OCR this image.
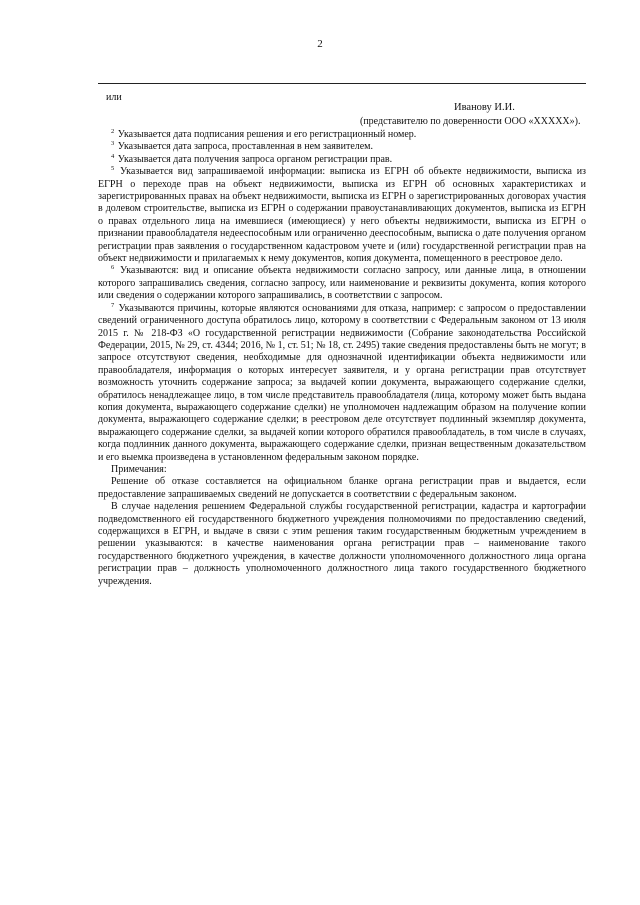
2
или
Иванову И.И.
(представителю по доверенности ООО «XXXXX»).

$^2$ Указывается дата подписания решения и его регистрационный номер.

$^3$ Указывается дата запроса, проставленная в нем заявителем.

$^4$ Указывается дата получения запроса органом регистрации прав.

$^5$ Указывается вид запрашиваемой информации: выписка из ЕГРН об объекте недвижимости, выписка из ЕГРН о переходе прав на объект недвижимости, выписка из ЕГРН об основных характеристиках и зарегистрированных правах на объект недвижимости, выписка из ЕГРН о зарегистрированных договорах участия в долевом строительстве, выписка из ЕГРН о содержании правоустанавливающих документов, выписка из ЕГРН о правах отдельного лица на имевшиеся (имеющиеся) у него объекты недвижимости, выписка из ЕГРН о признании правообладателя недееспособным или ограниченно дееспособным, выписка о дате получения органом регистрации прав заявления о государственном кадастровом учете и (или) государственной регистрации прав на объект недвижимости и прилагаемых к нему документов, копия документа, помещенного в реестровое дело.

$^6$ Указываются: вид и описание объекта недвижимости согласно запросу, или данные лица, в отношении которого запрашивались сведения, согласно запросу, или наименование и реквизиты документа, копия которого или сведения о содержании которого запрашивались, в соответствии с запросом.

$^7$ Указываются причины, которые являются основаниями для отказа, например: с запросом о предоставлении сведений ограниченного доступа обратилось лицо, которому в соответствии с Федеральным законом от 13 июля 2015 г. № 218-ФЗ «О государственной регистрации недвижимости (Собрание законодательства Российской Федерации, 2015, № 29, ст. 4344; 2016, № 1, ст. 51; № 18, ст. 2495) такие сведения предоставлены быть не могут; в запросе отсутствуют сведения, необходимые для однозначной идентификации объекта недвижимости или правообладателя, информация о которых интересует заявителя, и у органа регистрации прав отсутствует возможность уточнить содержание запроса; за выдачей копии документа, выражающего содержание сделки, обратилось ненадлежащее лицо, в том числе представитель правообладателя (лица, которому может быть выдана копия документа, выражающего содержание сделки) не уполномочен надлежащим образом на получение копии документа, выражающего содержание сделки; в реестровом деле отсутствует подлинный экземпляр документа, выражающего содержание сделки, за выдачей копии которого обратился правообладатель, в том числе в случаях, когда подлинник данного документа, выражающего содержание сделки, признан вещественным доказательством и его выемка произведена в установленном федеральным законом порядке.

Примечания:

Решение об отказе составляется на официальном бланке органа регистрации прав и выдается, если предоставление запрашиваемых сведений не допускается в соответствии с федеральным законом.

В случае наделения решением Федеральной службы государственной регистрации, кадастра и картографии подведомственного ей государственного бюджетного учреждения полномочиями по предоставлению сведений, содержащихся в ЕГРН, и выдаче в связи с этим решения таким государственным бюджетным учреждением в решении указываются: в качестве наименования органа регистрации прав – наименование такого государственного бюджетного учреждения, в качестве должности уполномоченного должностного лица органа регистрации прав – должность уполномоченного должностного лица такого государственного бюджетного учреждения.
